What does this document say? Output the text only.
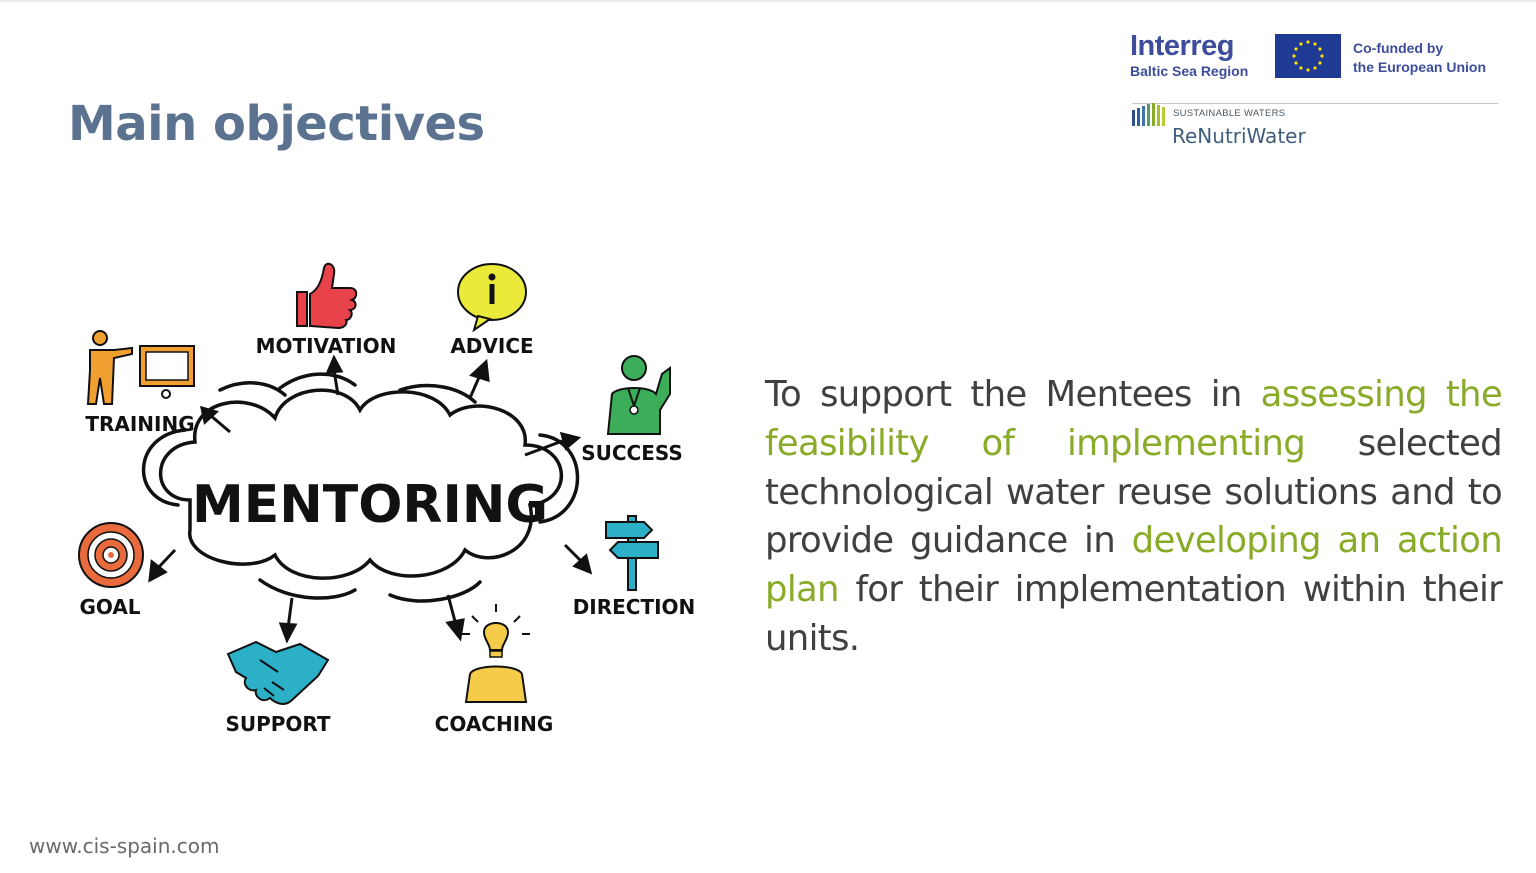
Main objectives
Interreg
Baltic Sea Region
Co-funded by
the European Union
SUSTAINABLE WATERS
ReNutriWater
MENTORING
MOTIVATION	ADVICE
TRAINING
SUCCESS
GOAL	DIRECTION
SUPPORT	COACHING

To support the Mentees in assessing the feasibility of implementing selected technological water reuse solutions and to provide guidance in developing an action plan for their implementation within their units.

www.cis-spain.com
